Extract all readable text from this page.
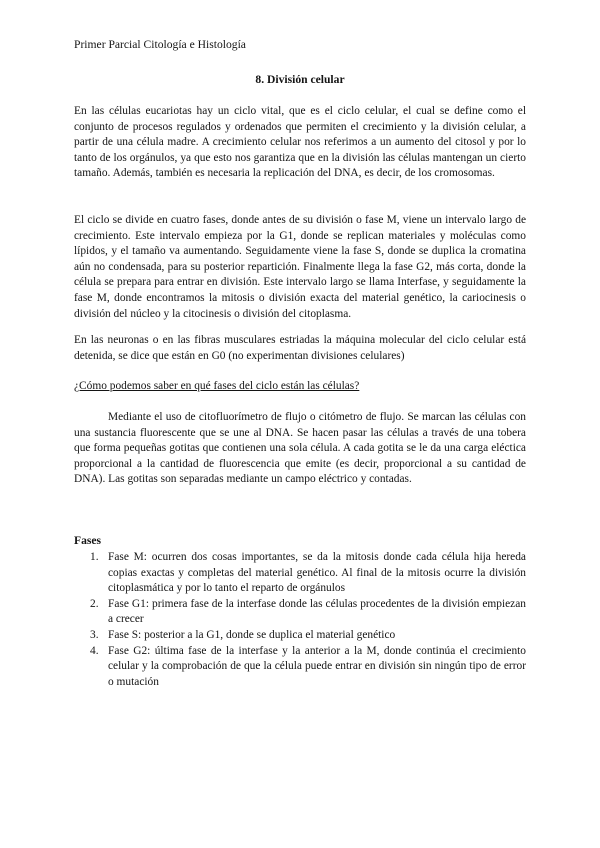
Primer Parcial Citología e Histología
8. División celular

En las células eucariotas hay un ciclo vital, que es el ciclo celular, el cual se define como el conjunto de procesos regulados y ordenados que permiten el crecimiento y la división celular, a partir de una célula madre. A crecimiento celular nos referimos a un aumento del citosol y por lo tanto de los orgánulos, ya que esto nos garantiza que en la división las células mantengan un cierto tamaño. Además, también es necesaria la replicación del DNA, es decir, de los cromosomas.

El ciclo se divide en cuatro fases, donde antes de su división o fase M, viene un intervalo largo de crecimiento. Este intervalo empieza por la G1, donde se replican materiales y moléculas como lípidos, y el tamaño va aumentando. Seguidamente viene la fase S, donde se duplica la cromatina aún no condensada, para su posterior repartición. Finalmente llega la fase G2, más corta, donde la célula se prepara para entrar en división. Este intervalo largo se llama Interfase, y seguidamente la fase M, donde encontramos la mitosis o división exacta del material genético, la cariocinesis o división del núcleo y la citocinesis o división del citoplasma.

En las neuronas o en las fibras musculares estriadas la máquina molecular del ciclo celular está detenida, se dice que están en G0 (no experimentan divisiones celulares)

¿Cómo podemos saber en qué fases del ciclo están las células?

Mediante el uso de citofluorímetro de flujo o citómetro de flujo. Se marcan las células con una sustancia fluorescente que se une al DNA. Se hacen pasar las células a través de una tobera que forma pequeñas gotitas que contienen una sola célula. A cada gotita se le da una carga eléctica proporcional a la cantidad de fluorescencia que emite (es decir, proporcional a su cantidad de DNA). Las gotitas son separadas mediante un campo eléctrico y contadas.

Fases
1. Fase M: ocurren dos cosas importantes, se da la mitosis donde cada célula hija hereda copias exactas y completas del material genético. Al final de la mitosis ocurre la división citoplasmática y por lo tanto el reparto de orgánulos
2. Fase G1: primera fase de la interfase donde las células procedentes de la división empiezan a crecer
3. Fase S: posterior a la G1, donde se duplica el material genético
4. Fase G2: última fase de la interfase y la anterior a la M, donde continúa el crecimiento celular y la comprobación de que la célula puede entrar en división sin ningún tipo de error o mutación
